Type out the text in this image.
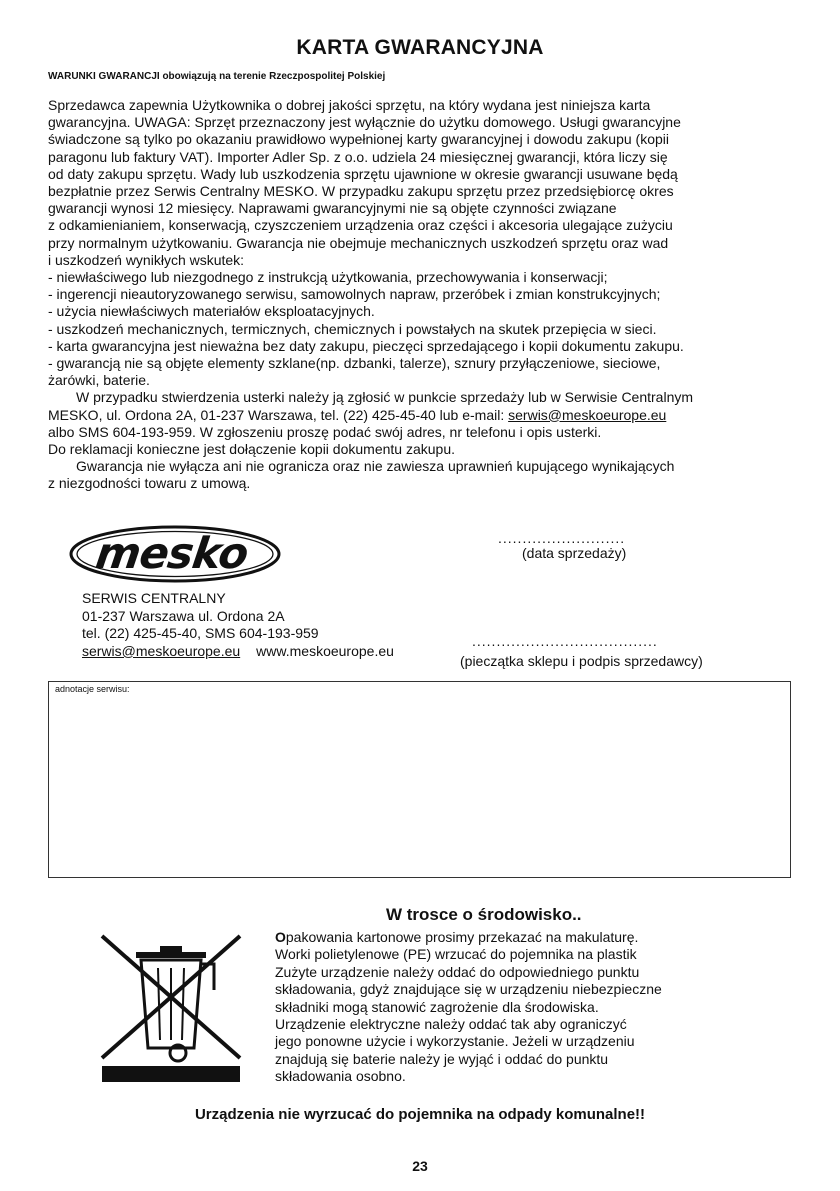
KARTA GWARANCYJNA
WARUNKI GWARANCJI obowiązują na terenie Rzeczpospolitej Polskiej

Sprzedawca zapewnia Użytkownika o dobrej jakości sprzętu, na który wydana jest niniejsza karta

gwarancyjna. UWAGA: Sprzęt przeznaczony jest wyłącznie do użytku domowego. Usługi gwarancyjne

świadczone są tylko po okazaniu prawidłowo wypełnionej karty gwarancyjnej i dowodu zakupu (kopii

paragonu lub faktury VAT). Importer Adler Sp. z o.o. udziela 24 miesięcznej gwarancji, która liczy się

od daty zakupu sprzętu. Wady lub uszkodzenia sprzętu ujawnione w okresie gwarancji usuwane będą

bezpłatnie przez Serwis Centralny MESKO. W przypadku zakupu sprzętu przez przedsiębiorcę okres

gwarancji wynosi 12 miesięcy. Naprawami gwarancyjnymi nie są objęte czynności związane

z odkamienianiem, konserwacją, czyszczeniem urządzenia oraz części i akcesoria ulegające zużyciu

przy normalnym użytkowaniu. Gwarancja nie obejmuje mechanicznych uszkodzeń sprzętu oraz wad

i uszkodzeń wynikłych wskutek:

- niewłaściwego lub niezgodnego z instrukcją użytkowania, przechowywania i konserwacji;

- ingerencji nieautoryzowanego serwisu, samowolnych napraw, przeróbek i zmian konstrukcyjnych;

- użycia niewłaściwych materiałów eksploatacyjnych.

- uszkodzeń mechanicznych, termicznych, chemicznych i powstałych na skutek przepięcia w sieci.

- karta gwarancyjna jest nieważna bez daty zakupu, pieczęci sprzedającego i kopii dokumentu zakupu.

- gwarancją nie są objęte elementy szklane(np. dzbanki, talerze), sznury przyłączeniowe, sieciowe,

żarówki, baterie.

W przypadku stwierdzenia usterki należy ją zgłosić w punkcie sprzedaży lub w Serwisie Centralnym

MESKO, ul. Ordona 2A, 01-237 Warszawa, tel. (22) 425-45-40 lub e-mail: serwis@meskoeurope.eu

albo SMS 604-193-959. W zgłoszeniu proszę podać swój adres, nr telefonu i opis usterki.

Do reklamacji konieczne jest dołączenie kopii dokumentu zakupu.

Gwarancja nie wyłącza ani nie ogranicza oraz nie zawiesza uprawnień kupującego wynikających

z niezgodności towaru z umową.

mesko	..........................
(data sprzedaży)
SERWIS CENTRALNY
01-237 Warszawa ul. Ordona 2A
tel. (22) 425-45-40, SMS 604-193-959
serwis@meskoeurope.eu www.meskoeurope.eu
......................................
(pieczątka sklepu i podpis sprzedawcy)
adnotacje serwisu:
W trosce o środowisko..

Opakowania kartonowe prosimy przekazać na makulaturę.

Worki polietylenowe (PE) wrzucać do pojemnika na plastik

Zużyte urządzenie należy oddać do odpowiedniego punktu

składowania, gdyż znajdujące się w urządzeniu niebezpieczne

składniki mogą stanowić zagrożenie dla środowiska.

Urządzenie elektryczne należy oddać tak aby ograniczyć

jego ponowne użycie i wykorzystanie. Jeżeli w urządzeniu

znajdują się baterie należy je wyjąć i oddać do punktu

składowania osobno.

Urządzenia nie wyrzucać do pojemnika na odpady komunalne!!
23
